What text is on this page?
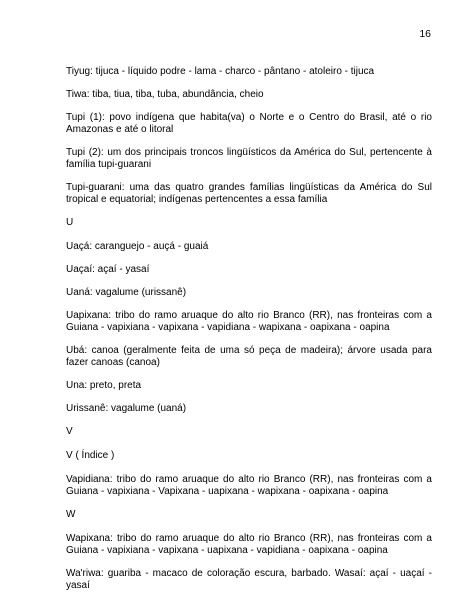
16

Tiyug: tijuca - líquido podre - lama - charco - pântano - atoleiro - tijuca

Tiwa: tiba, tiua, tiba, tuba, abundância, cheio

Tupi (1): povo indígena que habita(va) o Norte e o Centro do Brasil, até o rio Amazonas e até o litoral

Tupi (2): um dos principais troncos lingüísticos da América do Sul, pertencente à família tupi-guarani

Tupi-guarani: uma das quatro grandes famílias lingüísticas da América do Sul tropical e equatorial; indígenas pertencentes a essa família

U

Uaçá: caranguejo - auçá - guaiá

Uaçaí: açaí - yasaí

Uaná: vagalume (urissanê)

Uapixana: tribo do ramo aruaque do alto rio Branco (RR), nas fronteiras com a Guiana - vapixiana - vapixana - vapidiana - wapixana - oapixana - oapina

Ubá: canoa (geralmente feita de uma só peça de madeira); árvore usada para fazer canoas (canoa)

Una: preto, preta

Urissanê: vagalume (uaná)

V

V ( Índice )

Vapidiana: tribo do ramo aruaque do alto rio Branco (RR), nas fronteiras com a Guiana - vapixiana - Vapixana - uapixana - wapixana - oapixana - oapina

W

Wapixana: tribo do ramo aruaque do alto rio Branco (RR), nas fronteiras com a Guiana - vapixiana - vapixana - uapixana - vapidiana - oapixana - oapina

Wa'riwa: guariba - macaco de coloração escura, barbado. Wasaí: açaí - uaçaí - yasaí
